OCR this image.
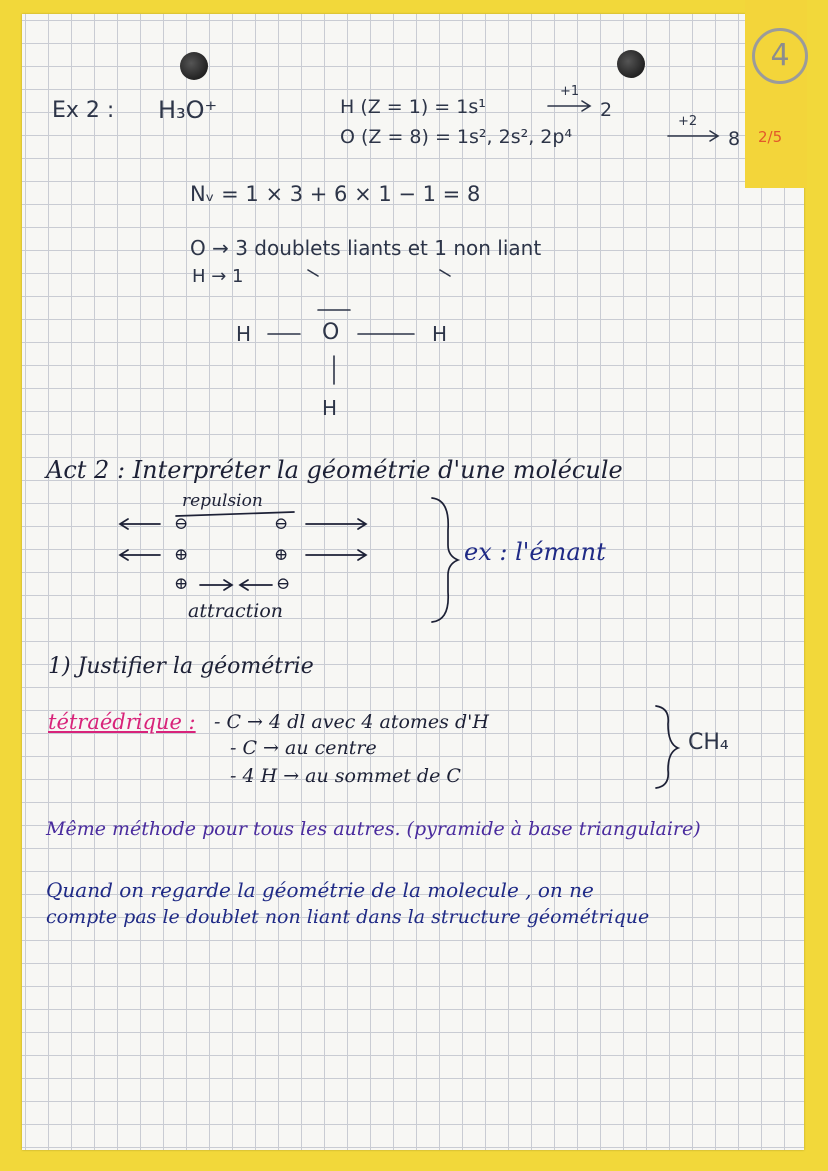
4
2/5
Ex 2 : H₃O⁺	H (Z = 1) = 1s¹
+1
2
O (Z = 8) = 1s², 2s², 2p⁴
+2
8
Nᵥ = 1 × 3 + 6 × 1 − 1 = 8
O → 3 doublets liants et 1 non liant
H → 1
H	O	H
H
Act 2 : Interpréter la géométrie d'une molécule
repulsion
⊖	⊖
⊕	⊕
⊕	⊖
attraction
ex : l'émant
1) Justifier la géométrie
tétraédrique : - C → 4 dl avec 4 atomes d'H
- C → au centre
- 4 H → au sommet de C
CH₄
Même méthode pour tous les autres. (pyramide à base triangulaire)
Quand on regarde la géométrie de la molecule , on ne
compte pas le doublet non liant dans la structure géométrique
